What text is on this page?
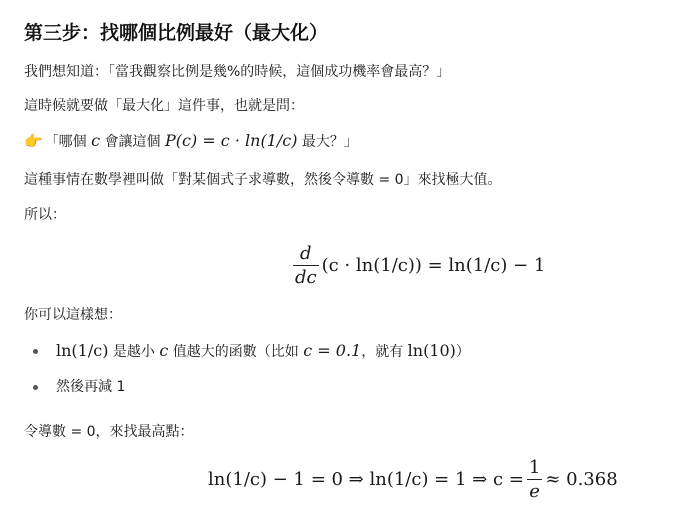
第三步：找哪個比例最好（最大化）

我們想知道：「當我觀察比例是幾%的時候，這個成功機率會最高？」

這時候就要做「最大化」這件事，也就是問：

👉 「哪個 c 會讓這個 P(c) = c · ln(1/c) 最大？」

這種事情在數學裡叫做「對某個式子求導數，然後令導數 = 0」來找極大值。

所以：

$\frac{d}{dc} (c \cdot \ln(1/c)) = \ln(1/c) - 1$

你可以這樣想：

ln(1/c) 是越小 c 值越大的函數（比如 c = 0.1，就有 ln(10)）
然後再減 1

令導數 = 0，來找最高點：

ln(1/c) − 1 = 0 ⇒ ln(1/c) = 1 ⇒ $c = \frac{1}{e} \approx 0.368$
